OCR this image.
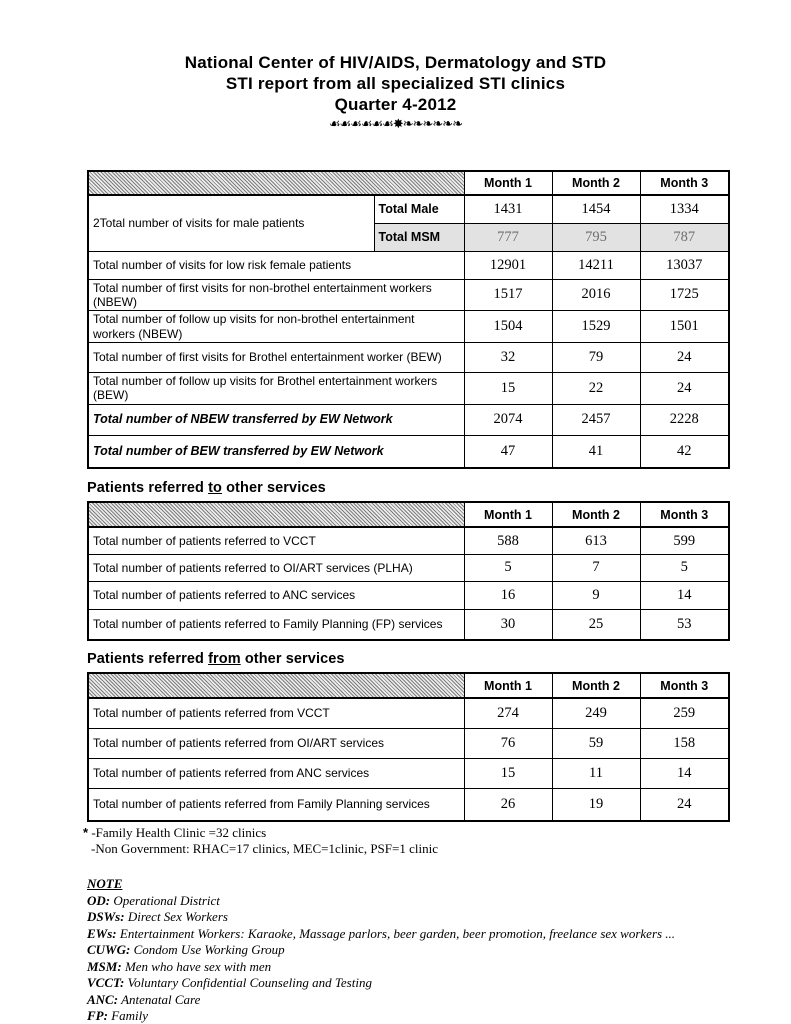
National Center of HIV/AIDS, Dermatology and STD
STI report from all specialized STI clinics
Quarter 4-2012
☙☙☙☙☙☙✸❧❧❧❧❧❧
		Month 1	Month 2	Month 3
2Total number of visits for male patients	Total Male	1431	1454	1334
	Total MSM	777	795	787
Total number of visits for low risk female patients		12901	14211	13037
Total number of first visits for non-brothel entertainment workers (NBEW)		1517	2016	1725
Total number of follow up visits for non-brothel entertainment workers (NBEW)		1504	1529	1501
Total number of first visits for Brothel entertainment worker (BEW)		32	79	24
Total number of follow up visits for Brothel entertainment workers (BEW)		15	22	24
Total number of NBEW transferred by EW Network		2074	2457	2228
Total number of BEW transferred by EW Network		47	41	42
Patients referred to other services
	Month 1	Month 2	Month 3
Total number of patients referred to VCCT	588	613	599
Total number of patients referred to OI/ART services (PLHA)	5	7	5
Total number of patients referred to ANC services	16	9	14
Total number of patients referred to Family Planning (FP) services	30	25	53
Patients referred from other services
	Month 1	Month 2	Month 3
Total number of patients referred from VCCT	274	249	259
Total number of patients referred from OI/ART services	76	59	158
Total number of patients referred from ANC services	15	11	14
Total number of patients referred from Family Planning services	26	19	24
* -Family Health Clinic =32 clinics
-Non Government: RHAC=17 clinics, MEC=1clinic, PSF=1 clinic
NOTE
OD: Operational District
DSWs: Direct Sex Workers
EWs: Entertainment Workers: Karaoke, Massage parlors, beer garden, beer promotion, freelance sex workers ...
CUWG: Condom Use Working Group
MSM: Men who have sex with men
VCCT: Voluntary Confidential Counseling and Testing
ANC: Antenatal Care
FP: Family
